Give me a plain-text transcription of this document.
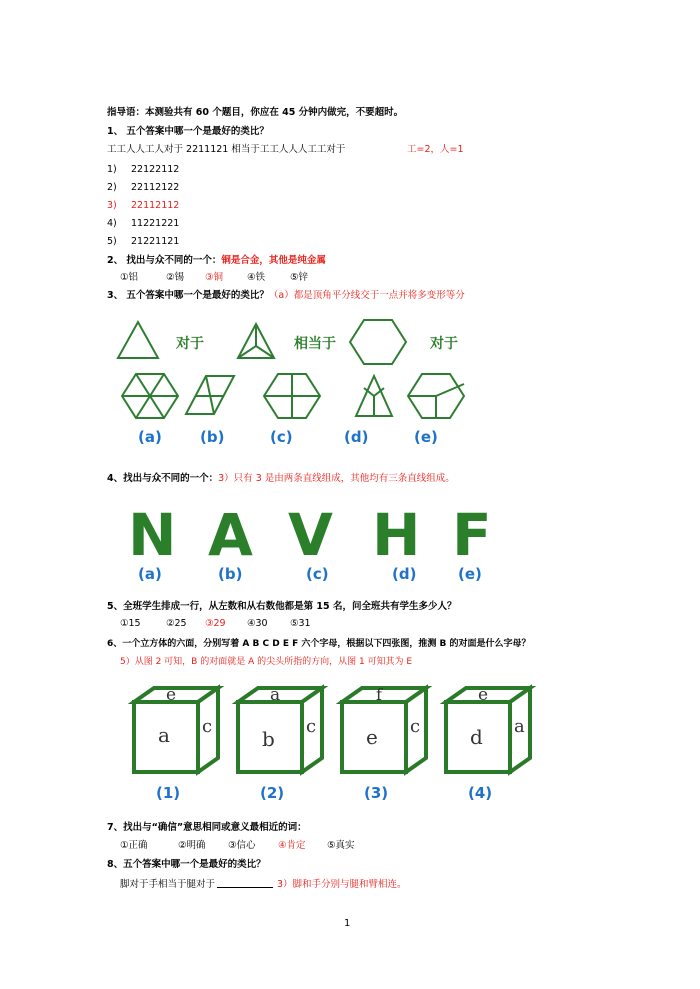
指导语：本测验共有 60 个题目，你应在 45 分钟内做完，不要超时。
1、 五个答案中哪一个是最好的类比？
工工人人工人对于 2211121 相当于工工人人人工工对于	工=2，人=1
1) 22122112
2) 22112122
3) 22112112
4) 11221221
5) 21221121
2、 找出与众不同的一个：铜是合金，其他是纯金属
①铝	②锡 ③铜	④铁	⑤锌
3、 五个答案中哪一个是最好的类比？（a）都是顶角平分线交于一点并将多变形等分
对于	相当于	对于
(a)	(b)	(c)	(d)	(e)
4、找出与众不同的一个：3）只有 3 是由两条直线组成，其他均有三条直线组成。
N A V H F
(a)	(b)	(c)	(d)	(e)
5、全班学生排成一行，从左数和从右数他都是第 15 名，问全班共有学生多少人？
①15	②25 ③29 ④30 ⑤31
6、一个立方体的六面，分别写着 A B C D E F 六个字母，根据以下四张图，推测 B 的对面是什么字母？
5）从图 2 可知，B 的对面就是 A 的尖头所指的方向，从图 1 可知其为 E
e
a c
(1)
a
b
c
(2)
f
e c
(3)
e
d a
(4)
7、找出与“确信”意思相同或意义最相近的词：
①正确	②明确 ③信心 ④肯定 ⑤真实
8、五个答案中哪一个是最好的类比？
脚对于手相当于腿对于	3）脚和手分别与腿和臂相连。
1
